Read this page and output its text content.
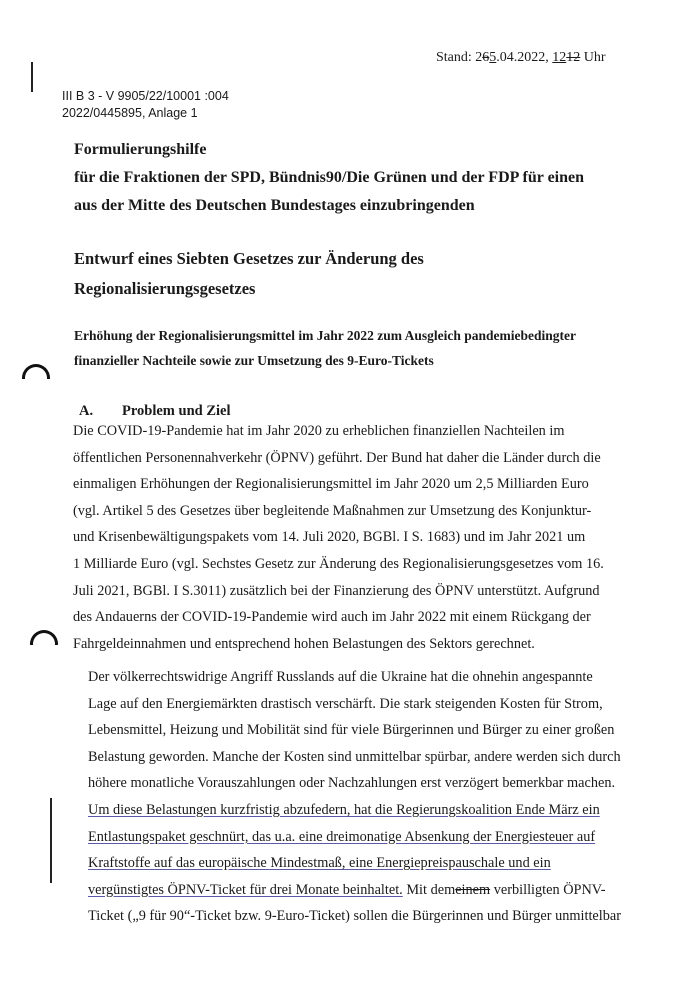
Stand: 265.04.2022, 1212 Uhr
III B 3 - V 9905/22/10001 :004
2022/0445895, Anlage 1
Formulierungshilfe
für die Fraktionen der SPD, Bündnis90/Die Grünen und der FDP für einen
aus der Mitte des Deutschen Bundestages einzubringenden
Entwurf eines Siebten Gesetzes zur Änderung des
Regionalisierungsgesetzes
Erhöhung der Regionalisierungsmittel im Jahr 2022 zum Ausgleich pandemiebedingter
finanzieller Nachteile sowie zur Umsetzung des 9-Euro-Tickets
A. Problem und Ziel
Die COVID-19-Pandemie hat im Jahr 2020 zu erheblichen finanziellen Nachteilen im
öffentlichen Personennahverkehr (ÖPNV) geführt. Der Bund hat daher die Länder durch die
einmaligen Erhöhungen der Regionalisierungsmittel im Jahr 2020 um 2,5 Milliarden Euro
(vgl. Artikel 5 des Gesetzes über begleitende Maßnahmen zur Umsetzung des Konjunktur-
und Krisenbewältigungspakets vom 14. Juli 2020, BGBl. I S. 1683) und im Jahr 2021 um
1 Milliarde Euro (vgl. Sechstes Gesetz zur Änderung des Regionalisierungsgesetzes vom 16.
Juli 2021, BGBl. I S.3011) zusätzlich bei der Finanzierung des ÖPNV unterstützt. Aufgrund
des Andauerns der COVID-19-Pandemie wird auch im Jahr 2022 mit einem Rückgang der
Fahrgeldeinnahmen und entsprechend hohen Belastungen des Sektors gerechnet.
Der völkerrechtswidrige Angriff Russlands auf die Ukraine hat die ohnehin angespannte
Lage auf den Energiemärkten drastisch verschärft. Die stark steigenden Kosten für Strom,
Lebensmittel, Heizung und Mobilität sind für viele Bürgerinnen und Bürger zu einer großen
Belastung geworden. Manche der Kosten sind unmittelbar spürbar, andere werden sich durch
höhere monatliche Vorauszahlungen oder Nachzahlungen erst verzögert bemerkbar machen.
Um diese Belastungen kurzfristig abzufedern, hat die Regierungskoalition Ende März ein
Entlastungspaket geschnürt, das u.a. eine dreimonatige Absenkung der Energiesteuer auf
Kraftstoffe auf das europäische Mindestmaß, eine Energiepreispauschale und ein
vergünstigtes ÖPNV-Ticket für drei Monate beinhaltet. Mit demeinem verbilligten ÖPNV-
Ticket („9 für 90“-Ticket bzw. 9-Euro-Ticket) sollen die Bürgerinnen und Bürger unmittelbar
